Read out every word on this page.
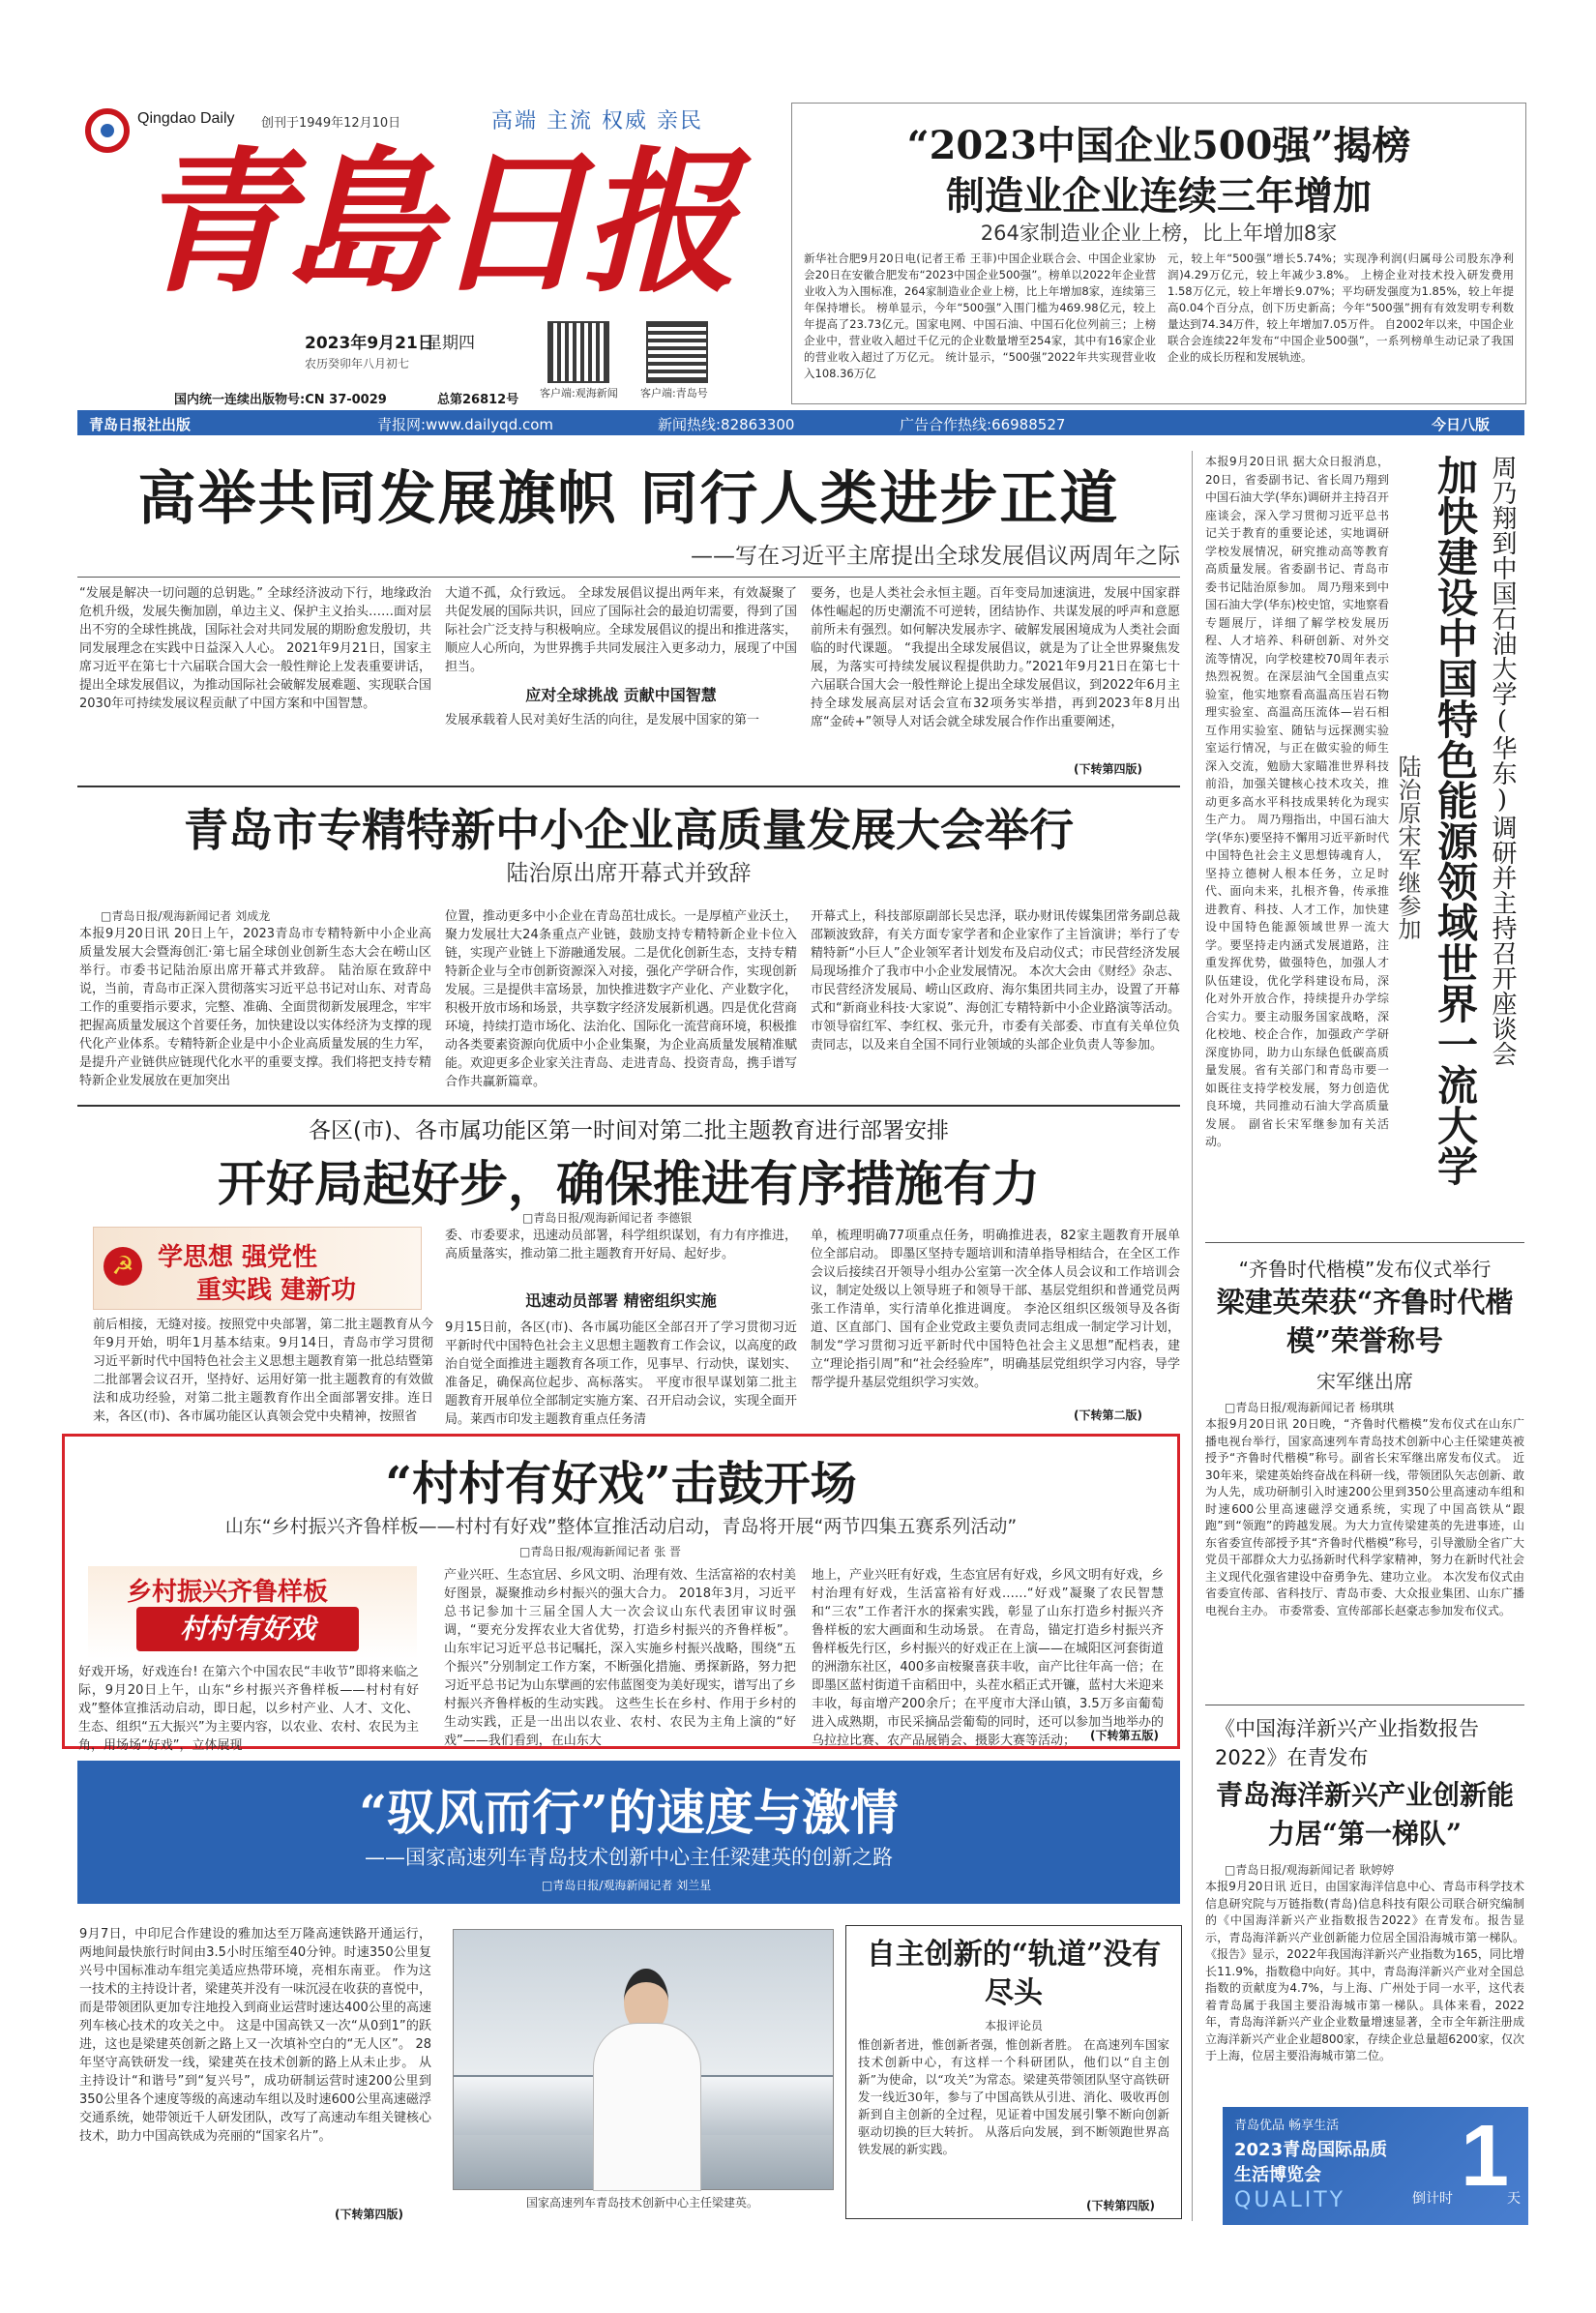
Qingdao Daily 创刊于1949年12月10日	高端 主流 权威 亲民
青島日报
2023年9月21日
星期四
农历癸卯年八月初七
客户端:观海新闻 客户端:青岛号
国内统一连续出版物号:CN 37-0029	总第26812号
“2023中国企业500强”揭榜
制造业企业连续三年增加
264家制造业企业上榜，比上年增加8家
新华社合肥9月20日电(记者王希 王菲)中国企业联合会、中国企业家协会20日在安徽合肥发布“2023中国企业500强”。榜单以2022年企业营业收入为入围标准，264家制造业企业上榜，比上年增加8家，连续第三年保持增长。 榜单显示，今年“500强”入围门槛为469.98亿元，较上年提高了23.73亿元。国家电网、中国石油、中国石化位列前三；上榜企业中，营业收入超过千亿元的企业数量增至254家，其中有16家企业的营业收入超过了万亿元。 统计显示，“500强”2022年共实现营业收入108.36万亿
元，较上年“500强”增长5.74%；实现净利润(归属母公司股东净利润)4.29万亿元，较上年减少3.8%。 上榜企业对技术投入研发费用1.58万亿元，较上年增长9.07%；平均研发强度为1.85%，较上年提高0.04个百分点，创下历史新高；今年“500强”拥有有效发明专利数量达到74.34万件，较上年增加7.05万件。 自2002年以来，中国企业联合会连续22年发布“中国企业500强”，一系列榜单生动记录了我国企业的成长历程和发展轨迹。
青岛日报社出版	青报网:www.dailyqd.com	新闻热线:82863300	广告合作热线:66988527	今日八版
高举共同发展旗帜 同行人类进步正道
——写在习近平主席提出全球发展倡议两周年之际
“发展是解决一切问题的总钥匙。” 全球经济波动下行，地缘政治危机升级，发展失衡加剧，单边主义、保护主义抬头……面对层出不穷的全球性挑战，国际社会对共同发展的期盼愈发殷切，共同发展理念在实践中日益深入人心。 2021年9月21日，国家主席习近平在第七十六届联合国大会一般性辩论上发表重要讲话，提出全球发展倡议，为推动国际社会破解发展难题、实现联合国2030年可持续发展议程贡献了中国方案和中国智慧。
大道不孤，众行致远。 全球发展倡议提出两年来，有效凝聚了共促发展的国际共识，回应了国际社会的最迫切需要，得到了国际社会广泛支持与积极响应。全球发展倡议的提出和推进落实，顺应人心所向，为世界携手共同发展注入更多动力，展现了中国担当。
应对全球挑战 贡献中国智慧
发展承载着人民对美好生活的向往，是发展中国家的第一
要务，也是人类社会永恒主题。百年变局加速演进，发展中国家群体性崛起的历史潮流不可逆转，团结协作、共谋发展的呼声和意愿前所未有强烈。如何解决发展赤字、破解发展困境成为人类社会面临的时代课题。 “我提出全球发展倡议，就是为了让全世界聚焦发展，为落实可持续发展议程提供助力。”2021年9月21日在第七十六届联合国大会一般性辩论上提出全球发展倡议，到2022年6月主持全球发展高层对话会宣布32项务实举措，再到2023年8月出席“金砖+”领导人对话会就全球发展合作作出重要阐述，
(下转第四版)
青岛市专精特新中小企业高质量发展大会举行
陆治原出席开幕式并致辞
□青岛日报/观海新闻记者 刘成龙
本报9月20日讯 20日上午，2023青岛市专精特新中小企业高质量发展大会暨海创汇·第七届全球创业创新生态大会在崂山区举行。市委书记陆治原出席开幕式并致辞。 陆治原在致辞中说，当前，青岛市正深入贯彻落实习近平总书记对山东、对青岛工作的重要指示要求，完整、准确、全面贯彻新发展理念，牢牢把握高质量发展这个首要任务，加快建设以实体经济为支撑的现代化产业体系。专精特新企业是中小企业高质量发展的生力军，是提升产业链供应链现代化水平的重要支撑。我们将把支持专精特新企业发展放在更加突出
位置，推动更多中小企业在青岛茁壮成长。一是厚植产业沃土，聚力发展壮大24条重点产业链，鼓励支持专精特新企业卡位入链，实现产业链上下游融通发展。二是优化创新生态，支持专精特新企业与全市创新资源深入对接，强化产学研合作，实现创新发展。三是提供丰富场景，加快推进数字产业化、产业数字化，积极开放市场和场景，共享数字经济发展新机遇。四是优化营商环境，持续打造市场化、法治化、国际化一流营商环境，积极推动各类要素资源向优质中小企业集聚，为企业高质量发展精准赋能。欢迎更多企业家关注青岛、走进青岛、投资青岛，携手谱写合作共赢新篇章。
开幕式上，科技部原副部长吴忠泽，联办财讯传媒集团常务副总裁邵颖波致辞，有关方面专家学者和企业家作了主旨演讲；举行了专精特新“小巨人”企业领军者计划发布及启动仪式；市民营经济发展局现场推介了我市中小企业发展情况。 本次大会由《财经》杂志、市民营经济发展局、崂山区政府、海尔集团共同主办，设置了开幕式和“新商业科技·大家说”、海创汇专精特新中小企业路演等活动。 市领导宿红军、李红权、张元升，市委有关部委、市直有关单位负责同志，以及来自全国不同行业领域的头部企业负责人等参加。
各区(市)、各市属功能区第一时间对第二批主题教育进行部署安排
开好局起好步，确保推进有序措施有力
□青岛日报/观海新闻记者 李德银
☭ 学思想 强党性
重实践 建新功
前后相接，无缝对接。按照党中央部署，第二批主题教育从今年9月开始，明年1月基本结束。9月14日，青岛市学习贯彻习近平新时代中国特色社会主义思想主题教育第一批总结暨第二批部署会议召开，坚持好、运用好第一批主题教育的有效做法和成功经验，对第二批主题教育作出全面部署安排。连日来，各区(市)、各市属功能区认真领会党中央精神，按照省
委、市委要求，迅速动员部署，科学组织谋划，有力有序推进，高质量落实，推动第二批主题教育开好局、起好步。
迅速动员部署 精密组织实施
9月15日前，各区(市)、各市属功能区全部召开了学习贯彻习近平新时代中国特色社会主义思想主题教育工作会议，以高度的政治自觉全面推进主题教育各项工作，见事早、行动快，谋划实、准备足，确保高位起步、高标落实。 平度市很早谋划第二批主题教育开展单位全部制定实施方案、召开启动会议，实现全面开局。莱西市印发主题教育重点任务清
单，梳理明确77项重点任务，明确推进表，82家主题教育开展单位全部启动。 即墨区坚持专题培训和清单指导相结合，在全区工作会议后接续召开领导小组办公室第一次全体人员会议和工作培训会议，制定处级以上领导班子和领导干部、基层党组织和普通党员两张工作清单，实行清单化推进调度。 李沧区组织区级领导及各街道、区直部门、国有企业党政主要负责同志组成一制定学习计划，制发“学习贯彻习近平新时代中国特色社会主义思想”配档表，建立“理论指引周”和“社会经验库”，明确基层党组织学习内容，导学帮学提升基层党组织学习实效。
(下转第二版)
“村村有好戏”击鼓开场
山东“乡村振兴齐鲁样板——村村有好戏”整体宣推活动启动，青岛将开展“两节四集五赛系列活动”
□青岛日报/观海新闻记者 张 晋
乡村振兴齐鲁样板
村村有好戏
好戏开场，好戏连台! 在第六个中国农民“丰收节”即将来临之际，9月20日上午，山东“乡村振兴齐鲁样板——村村有好戏”整体宣推活动启动，即日起，以乡村产业、人才、文化、生态、组织“五大振兴”为主要内容，以农业、农村、农民为主角，用场场“好戏”，立体展现
产业兴旺、生态宜居、乡风文明、治理有效、生活富裕的农村美好图景，凝聚推动乡村振兴的强大合力。 2018年3月，习近平总书记参加十三届全国人大一次会议山东代表团审议时强调，“要充分发挥农业大省优势，打造乡村振兴的齐鲁样板”。 山东牢记习近平总书记嘱托，深入实施乡村振兴战略，围绕“五个振兴”分别制定工作方案，不断强化措施、勇探新路，努力把习近平总书记为山东擘画的宏伟蓝图变为美好现实，谱写出了乡村振兴齐鲁样板的生动实践。 这些生长在乡村、作用于乡村的生动实践，正是一出出以农业、农村、农民为主角上演的“好戏”——我们看到，在山东大
地上，产业兴旺有好戏，生态宜居有好戏，乡风文明有好戏，乡村治理有好戏，生活富裕有好戏……“好戏”凝聚了农民智慧和“三农”工作者汗水的探索实践，彰显了山东打造乡村振兴齐鲁样板的宏大画面和生动场景。 在青岛，锚定打造乡村振兴齐鲁样板先行区，乡村振兴的好戏正在上演——在城阳区河套街道的洲渤东社区，400多亩桉聚喜获丰收，亩产比往年高一倍；在即墨区蓝村街道千亩稻田中，头茬水稻正式开镰，蓝村大米迎来丰收，每亩增产200余斤；在平度市大泽山镇，3.5万多亩葡萄进入成熟期，市民采摘品尝葡萄的同时，还可以参加当地举办的乌拉拉比赛、农产品展销会、摄影大赛等活动；	(下转第五版)
“驭风而行”的速度与激情
——国家高速列车青岛技术创新中心主任梁建英的创新之路
□青岛日报/观海新闻记者 刘兰星
9月7日，中印尼合作建设的雅加达至万隆高速铁路开通运行，两地间最快旅行时间由3.5小时压缩至40分钟。时速350公里复兴号中国标准动车组完美适应热带环境，亮相东南亚。 作为这一技术的主持设计者，梁建英并没有一味沉浸在收获的喜悦中，而是带领团队更加专注地投入到商业运营时速达400公里的高速列车核心技术的攻关之中。 这是中国高铁又一次“从0到1”的跃进，这也是梁建英创新之路上又一次填补空白的“无人区”。 28年坚守高铁研发一线，梁建英在技术创新的路上从未止步。 从主持设计“和谐号”到“复兴号”，成功研制运营时速200公里到350公里各个速度等级的高速动车组以及时速600公里高速磁浮交通系统，她带领近千人研发团队，改写了高速动车组关键核心技术，助力中国高铁成为亮丽的“国家名片”。
(下转第四版)
国家高速列车青岛技术创新中心主任梁建英。
自主创新的“轨道”没有尽头
本报评论员
惟创新者进，惟创新者强，惟创新者胜。 在高速列车国家技术创新中心，有这样一个科研团队，他们以“自主创新”为使命，以“攻关”为常态。梁建英带领团队坚守高铁研发一线近30年，参与了中国高铁从引进、消化、吸收再创新到自主创新的全过程，见证着中国发展引擎不断向创新驱动切换的巨大转折。 从落后向发展，到不断领跑世界高铁发展的新实践。
(下转第四版)
本报9月20日讯 据大众日报消息，20日，省委副书记、省长周乃翔到中国石油大学(华东)调研并主持召开座谈会，深入学习贯彻习近平总书记关于教育的重要论述，实地调研学校发展情况，研究推动高等教育高质量发展。省委副书记、青岛市委书记陆治原参加。 周乃翔来到中国石油大学(华东)校史馆，实地察看专题展厅，详细了解学校发展历程、人才培养、科研创新、对外交流等情况，向学校建校70周年表示热烈祝贺。在深层油气全国重点实验室，他实地察看高温高压岩石物理实验室、高温高压流体—岩石相互作用实验室、随钻与远探测实验室运行情况，与正在做实验的师生深入交流，勉励大家瞄准世界科技前沿，加强关键核心技术攻关，推动更多高水平科技成果转化为现实生产力。 周乃翔指出，中国石油大学(华东)要坚持不懈用习近平新时代中国特色社会主义思想铸魂育人，坚持立德树人根本任务，立足时代、面向未来，扎根齐鲁，传承推进教育、科技、人才工作，加快建设中国特色能源领域世界一流大学。要坚持走内涵式发展道路，注重发挥优势，做强特色，加强人才队伍建设，优化学科建设布局，深化对外开放合作，持续提升办学综合实力。要主动服务国家战略，深化校地、校企合作，加强政产学研深度协同，助力山东绿色低碳高质量发展。省有关部门和青岛市要一如既往支持学校发展，努力创造优良环境，共同推动石油大学高质量发展。 副省长宋军继参加有关活动。
周乃翔到中国石油大学(华东)调研并主持召开座谈会
加快建设中国特色能源领域世界一流大学
陆治原宋军继参加
“齐鲁时代楷模”发布仪式举行
梁建英荣获“齐鲁时代楷模”荣誉称号
宋军继出席
□青岛日报/观海新闻记者 杨琪琪
本报9月20日讯 20日晚，“齐鲁时代楷模”发布仪式在山东广播电视台举行，国家高速列车青岛技术创新中心主任梁建英被授予“齐鲁时代楷模”称号。副省长宋军继出席发布仪式。 近30年来，梁建英始终奋战在科研一线，带领团队矢志创新、敢为人先，成功研制引入时速200公里到350公里高速动车组和时速600公里高速磁浮交通系统，实现了中国高铁从“跟跑”到“领跑”的跨越发展。为大力宣传梁建英的先进事迹，山东省委宣传部授予其“齐鲁时代楷模”称号，引导激励全省广大党员干部群众大力弘扬新时代科学家精神，努力在新时代社会主义现代化强省建设中奋勇争先、建功立业。 本次发布仪式由省委宣传部、省科技厅、青岛市委、大众报业集团、山东广播电视台主办。 市委常委、宣传部部长赵豪志参加发布仪式。
《中国海洋新兴产业指数报告2022》在青发布
青岛海洋新兴产业创新能力居“第一梯队”
□青岛日报/观海新闻记者 耿婷婷
本报9月20日讯 近日，由国家海洋信息中心、青岛市科学技术信息研究院与万链指数(青岛)信息科技有限公司联合研究编制的《中国海洋新兴产业指数报告2022》在青发布。报告显示，青岛海洋新兴产业创新能力位居全国沿海城市第一梯队。 《报告》显示，2022年我国海洋新兴产业指数为165，同比增长11.9%，指数稳中向好。其中，青岛海洋新兴产业对全国总指数的贡献度为4.7%，与上海、广州处于同一水平，这代表着青岛属于我国主要沿海城市第一梯队。具体来看，2022年，青岛海洋新兴产业企业数量增速显著，全市全年新注册成立海洋新兴产业企业超800家，存续企业总量超6200家，仅次于上海，位居主要沿海城市第二位。
青岛优品 畅享生活
2023青岛国际品质
生活博览会
QUALITY	倒计时 1
天
